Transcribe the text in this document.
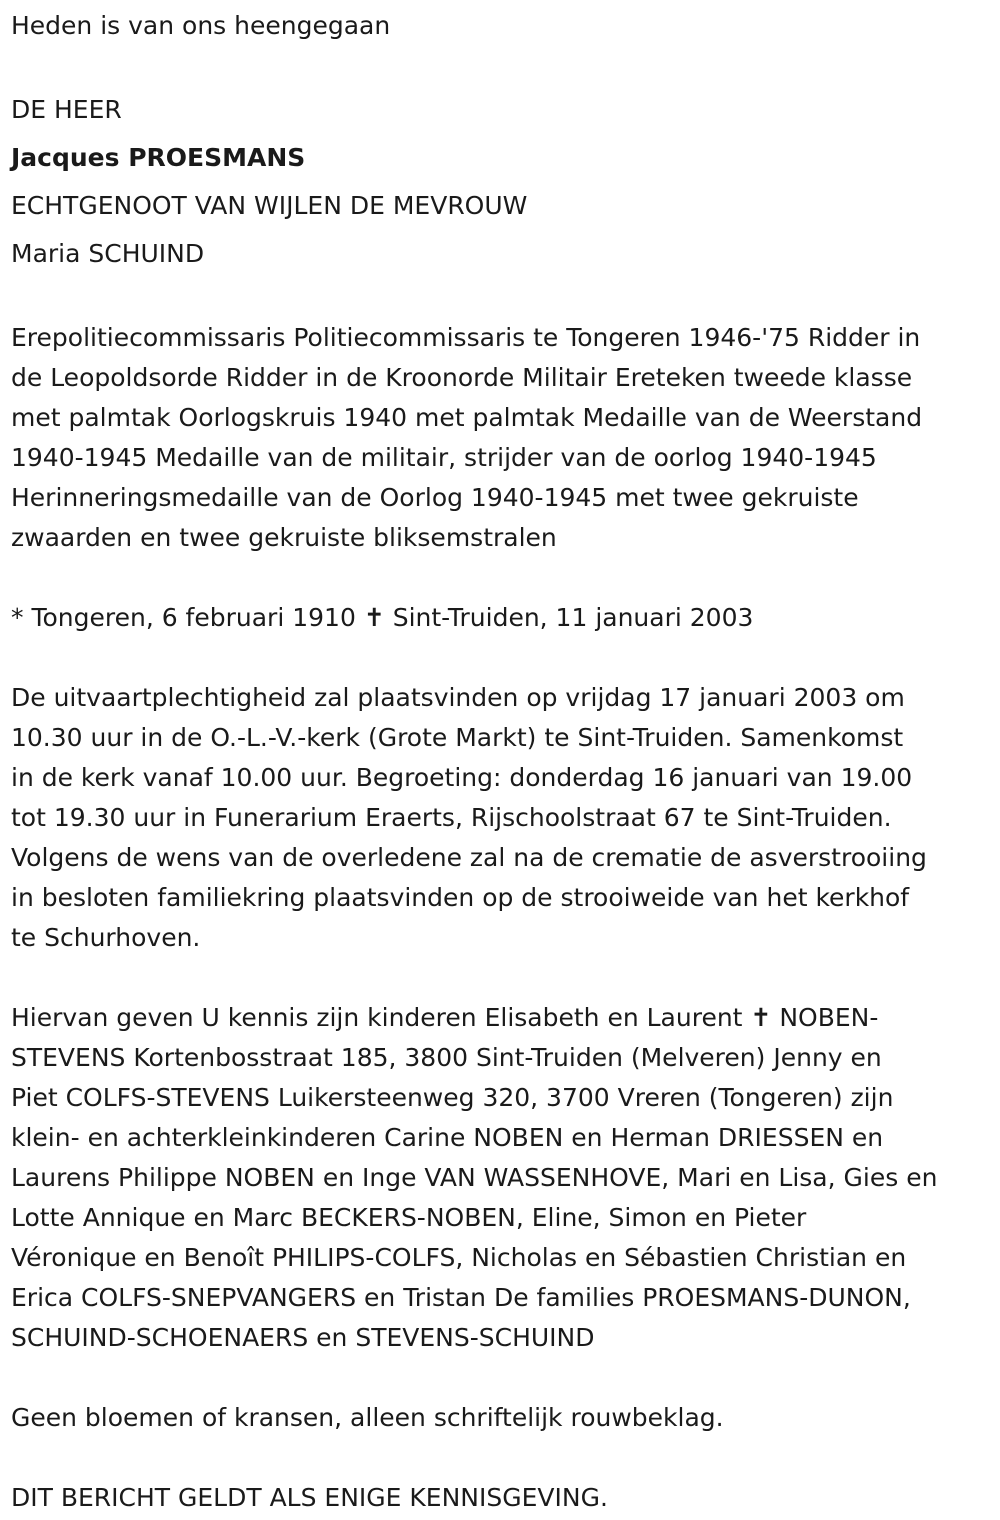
Heden is van ons heengegaan

DE HEER

Jacques PROESMANS

ECHTGENOOT VAN WIJLEN DE MEVROUW

Maria SCHUIND

Erepolitiecommissaris Politiecommissaris te Tongeren 1946-'75 Ridder in

de Leopoldsorde Ridder in de Kroonorde Militair Ereteken tweede klasse

met palmtak Oorlogskruis 1940 met palmtak Medaille van de Weerstand

1940-1945 Medaille van de militair, strijder van de oorlog 1940-1945

Herinneringsmedaille van de Oorlog 1940-1945 met twee gekruiste

zwaarden en twee gekruiste bliksemstralen

* Tongeren, 6 februari 1910 ✝ Sint-Truiden, 11 januari 2003

De uitvaartplechtigheid zal plaatsvinden op vrijdag 17 januari 2003 om

10.30 uur in de O.-L.-V.-kerk (Grote Markt) te Sint-Truiden. Samenkomst

in de kerk vanaf 10.00 uur. Begroeting: donderdag 16 januari van 19.00

tot 19.30 uur in Funerarium Eraerts, Rijschoolstraat 67 te Sint-Truiden.

Volgens de wens van de overledene zal na de crematie de asverstrooiing

in besloten familiekring plaatsvinden op de strooiweide van het kerkhof

te Schurhoven.

Hiervan geven U kennis zijn kinderen Elisabeth en Laurent ✝ NOBEN-

STEVENS Kortenbosstraat 185, 3800 Sint-Truiden (Melveren) Jenny en

Piet COLFS-STEVENS Luikersteenweg 320, 3700 Vreren (Tongeren) zijn

klein- en achterkleinkinderen Carine NOBEN en Herman DRIESSEN en

Laurens Philippe NOBEN en Inge VAN WASSENHOVE, Mari en Lisa, Gies en

Lotte Annique en Marc BECKERS-NOBEN, Eline, Simon en Pieter

Véronique en Benoît PHILIPS-COLFS, Nicholas en Sébastien Christian en

Erica COLFS-SNEPVANGERS en Tristan De families PROESMANS-DUNON,

SCHUIND-SCHOENAERS en STEVENS-SCHUIND

Geen bloemen of kransen, alleen schriftelijk rouwbeklag.

DIT BERICHT GELDT ALS ENIGE KENNISGEVING.
